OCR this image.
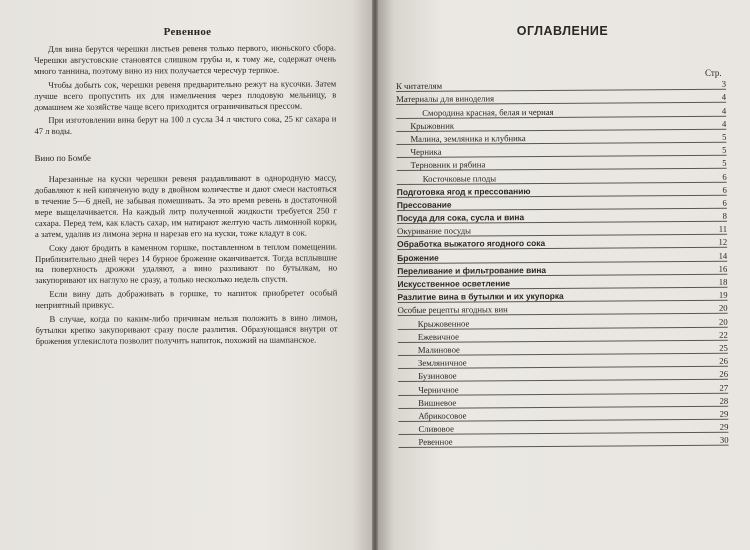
Ревенное

Для вина берутся черешки листьев ревеня только первого, июньского сбора. Черешки августовские становятся слишком грубы и, к тому же, содержат очень много таннина, поэтому вино из них получается чересчур терпкое.

Чтобы добыть сок, черешки ревеня предварительно режут на кусочки. Затем лучше всего пропустить их для измельчения через плодовую мельницу, в домашнем же хозяйстве чаще всего приходится ограничиваться прессом.

При изготовлении вина берут на 100 л сусла 34 л чистого сока, 25 кг сахара и 47 л воды.

Вино по Бомбе

Нарезанные на куски черешки ревеня раздавливают в однородную массу, добавляют к ней кипяченую воду в двойном количестве и дают смеси настояться в течение 5—6 дней, не забывая помешивать. За это время ревень в достаточной мере выщелачивается. На каждый литр полученной жидкости требуется 250 г сахара. Перед тем, как класть сахар, им натирают желтую часть лимонной корки, а затем, удалив из лимона зерна и нарезав его на куски, тоже кладут в сок.

Соку дают бродить в каменном горшке, поставленном в теплом помещении. Приблизительно дней через 14 бурное брожение оканчивается. Тогда всплывшие на поверхность дрожжи удаляют, а вино разливают по бутылкам, но закупоривают их наглухо не сразу, а только несколько недель спустя.

Если вину дать дображивать в горшке, то напиток приобретет особый неприятный привкус.

В случае, когда по каким-либо причинам нельзя положить в вино лимон, бутылки крепко закупоривают сразу после разлития. Образующаяся внутри от брожения углекислота позволит получить напиток, похожий на шампанское.

ОГЛАВЛЕНИЕ
Стр.
К читателям	3
Материалы для виноделия	4
Смородина красная, белая и черная	4
Крыжовник	4
Малина, земляника и клубника	5
Черника	5
Терновник и рябина	5
Косточковые плоды	6
Подготовка ягод к прессованию	6
Прессование	6
Посуда для сока, сусла и вина	8
Окуривание посуды	11
Обработка выжатого ягодного сока	12
Брожение	14
Переливание и фильтрование вина	16
Искусственное осветление	18
Разлитие вина в бутылки и их укупорка	19
Особые рецепты ягодных вин	20
Крыжовенное	20
Ежевичное	22
Малиновое	25
Земляничное	26
Бузиновое	26
Черничное	27
Вишневое	28
Абрикосовое	29
Сливовое	29
Ревенное	30
